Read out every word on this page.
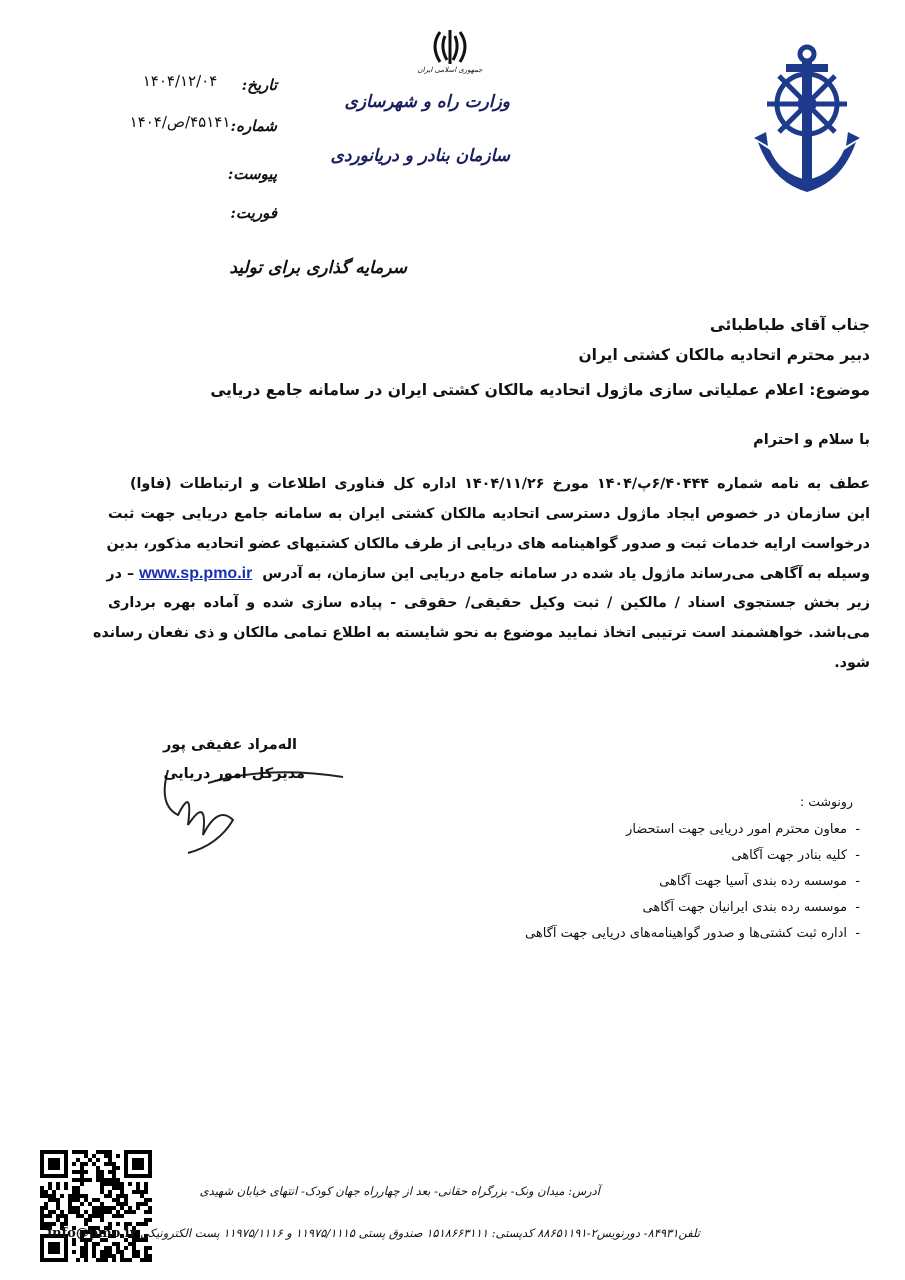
جمهوری اسلامی ایران
وزارت راه و شهرسازی
سازمان بنادر و دریانوردی
سرمایه گذاری برای تولید
تاریخ:
۱۴۰۴/۱۲/۰۴
شماره:
۴۵۱۴۱/ص/۱۴۰۴
پیوست:
فوریت:
جناب آقای طباطبائی
دبیر محترم اتحادیه مالکان کشتی ایران
موضوع: اعلام عملیاتی سازی ماژول اتحادیه مالکان کشتی ایران در سامانه جامع دریایی
با سلام و احترام
عطف به نامه شماره ۶/۴۰۴۴۴پ/۱۴۰۴ مورخ ۱۴۰۴/۱۱/۲۶ اداره کل فناوری اطلاعات و ارتباطات (فاوا)
این سازمان در خصوص ایجاد ماژول دسترسی اتحادیه مالکان کشتی ایران به سامانه جامع دریایی جهت ثبت
درخواست ارایه خدمات ثبت و صدور گواهینامه های دریایی از طرف مالکان کشتیهای عضو اتحادیه مذکور، بدین
وسیله به آگاهی می‌رساند ماژول یاد شده در سامانه جامع دریایی این سازمان، به آدرس  www.sp.pmo.ir – در
زیر بخش جستجوی اسناد / مالکین / ثبت وکیل حقیقی/ حقوقی - پیاده سازی شده و آماده بهره برداری
می‌باشد. خواهشمند است ترتیبی اتخاذ نمایید موضوع به نحو شایسته به اطلاع تمامی مالکان و ذی نفعان رسانده
شود.
اله‌مراد عفیفی پور
مدیرکل امور دریایی
رونوشت :
-  معاون محترم امور دریایی جهت استحضار
-  کلیه بنادر جهت آگاهی
-  موسسه رده بندی آسیا جهت آگاهی
-  موسسه رده بندی ایرانیان جهت آگاهی
-  اداره ثبت کشتی‌ها و صدور گواهینامه‌های دریایی جهت آگاهی
آدرس: میدان ونک- بزرگراه حقانی- بعد از چهارراه جهان کودک- انتهای خیابان شهیدی
تلفن۸۴۹۳۱- دورنویس۲-۸۸۶۵۱۱۹۱ کدپستی: ۱۵۱۸۶۶۳۱۱۱ صندوق پستی ۱۱۹۷۵/۱۱۱۵ و ۱۱۹۷۵/۱۱۱۶ پست الکترونیکی info@pmo.ir
